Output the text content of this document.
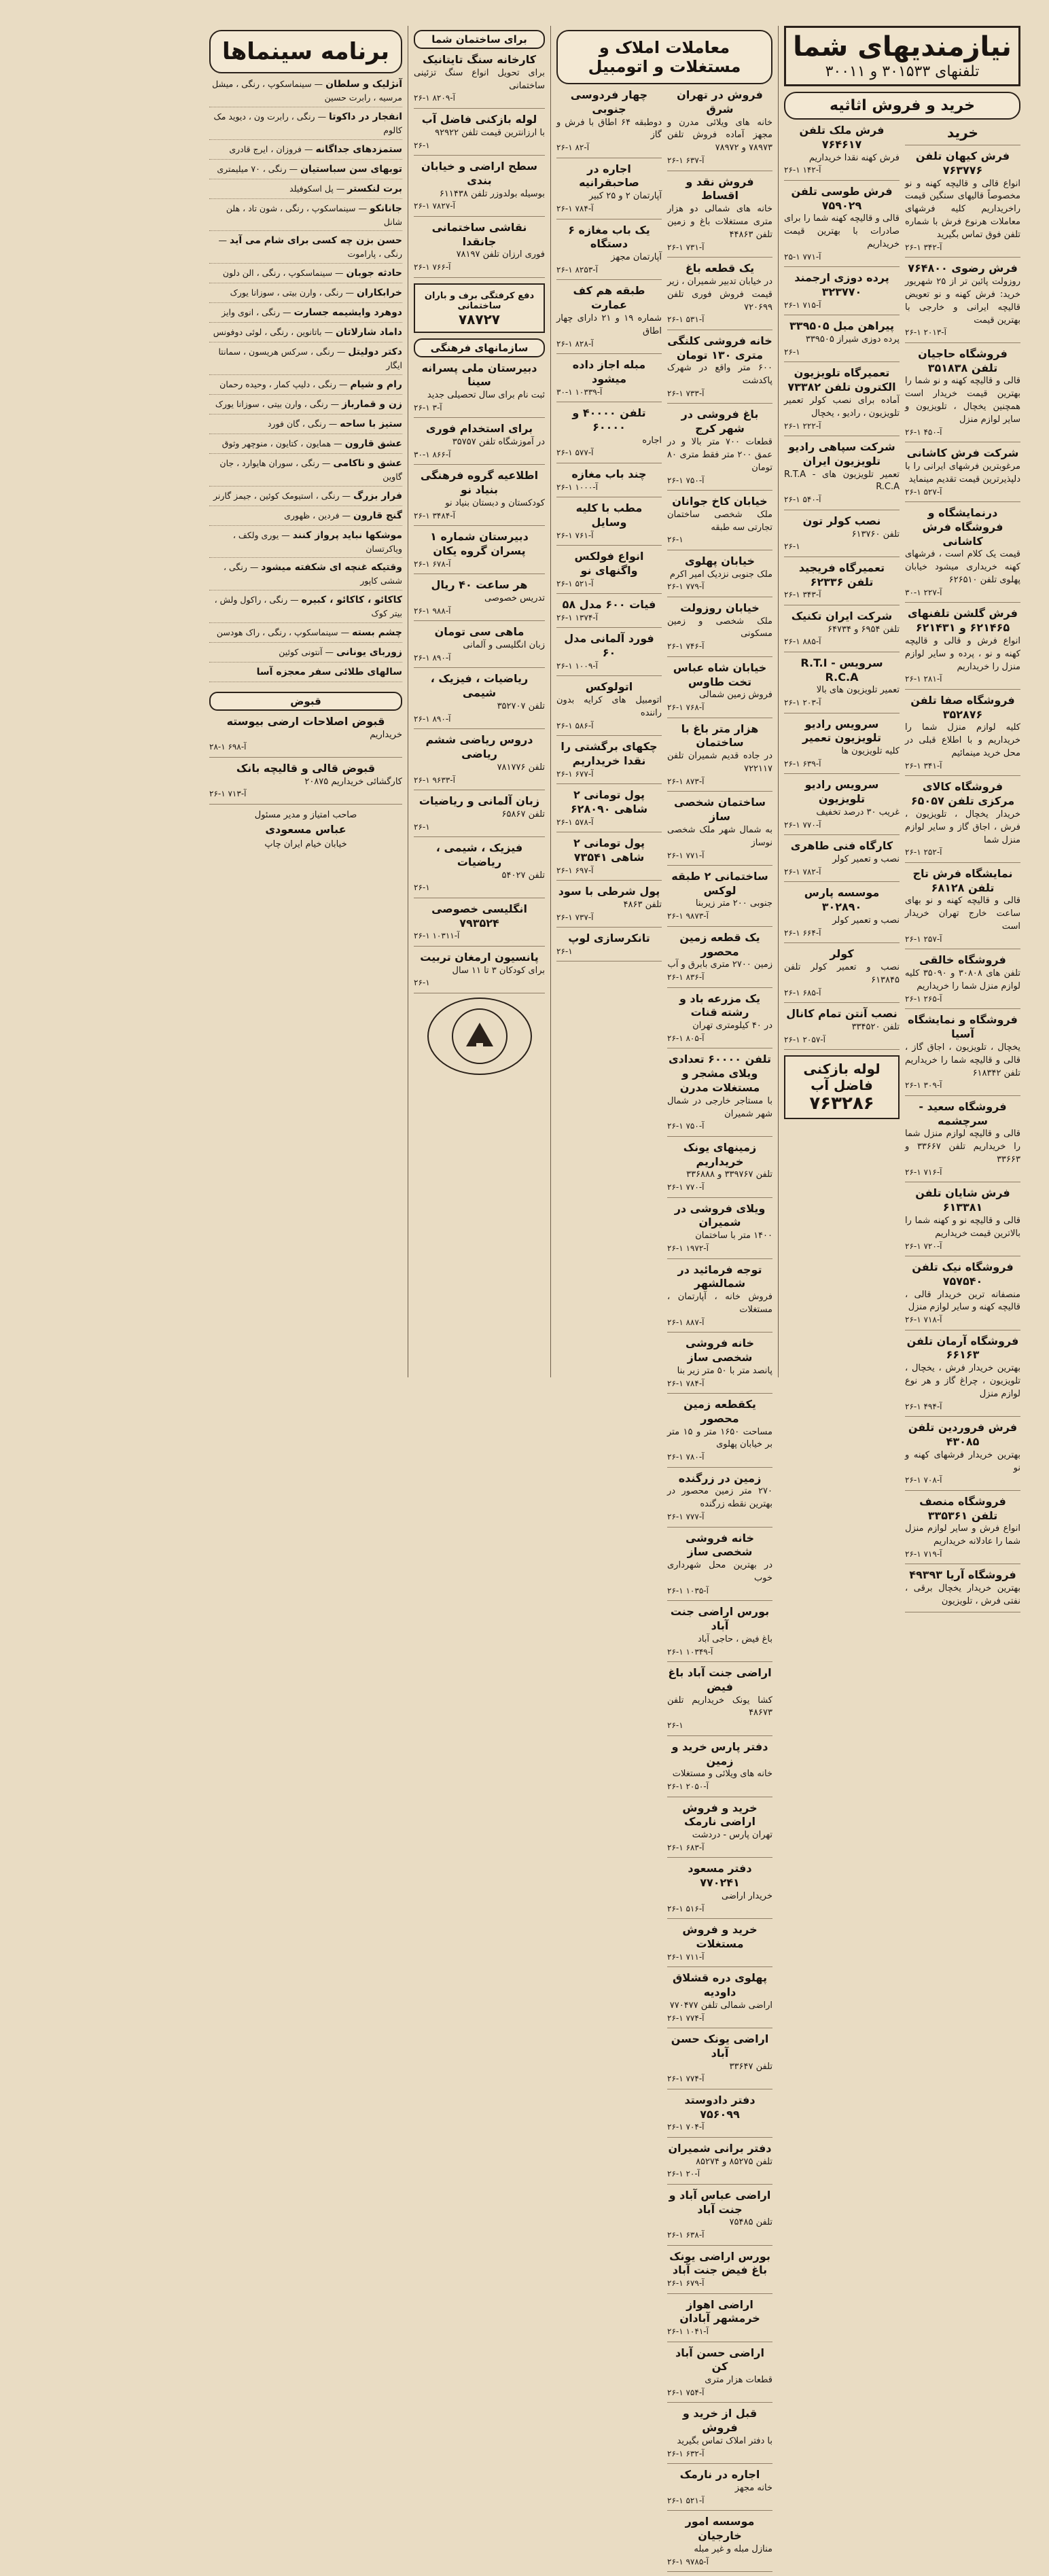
نیازمندیهای شما
تلفنهای ۳۰۱۵۳۳ و ۳۰۰۱۱
خرید و فروش اثاثیه
خرید
فرش کیهان تلفن ۷۶۳۷۷۶
انواع قالی و قالیچه کهنه و نو مخصوصاً قالیهای سنگین قیمت راخریداریم کلیه فرشهای معاملات هرنوع فرش با شماره تلفن فوق تماس بگیرید
۲۶-۱ آ-۳۴۲
فرش رضوی ۷۶۴۸۰۰
روزولت پائین تر از ۲۵ شهریور خرید: فرش کهنه و نو تعویض قالیچه ایرانی و خارجی با بهترین قیمت
۲۶-۱ آ-۲۰۱۳
فروشگاه حاجیان تلفن ۳۵۱۸۳۸
قالی و قالیچه کهنه و نو شما را بهترین قیمت خریدار است همچنین یخچال ، تلویزیون و سایر لوازم منزل
۲۶-۱ آ-۴۵۰
شرکت فرش کاشانی
مرغوبترین فرشهای ایرانی را با دلپذیرترین قیمت تقدیم مینماید
۲۶-۱ آ-۵۲۷
درنمایشگاه و فروشگاه فرش کاشانی
قیمت یک کلام است ، فرشهای کهنه خریداری میشود خیابان پهلوی تلفن ۶۲۶۵۱۰
۳۰-۱ آ-۲۲۷
فرش گلشن تلفنهای ۶۲۱۴۶۵ و ۶۲۱۴۳۱
انواع فرش و قالی و قالیچه کهنه و نو ، پرده و سایر لوازم منزل را خریداریم
۲۶-۱ آ-۲۸۱
فروشگاه صفا تلفن ۳۵۲۸۷۶
کلیه لوازم منزل شما را خریداریم و با اطلاع قبلی در محل خرید مینمائیم
۲۶-۱ آ-۳۴۱
فروشگاه کالای مرکزی تلفن ۶۵۰۵۷
خریدار یخچال ، تلویزیون ، فرش ، اجاق گاز و سایر لوازم منزل شما
۲۶-۱ آ-۲۵۲
نمایشگاه فرش تاج تلفن ۶۸۱۲۸
قالی و قالیچه کهنه و نو بهای ساعت خارج تهران خریدار است
۲۶-۱ آ-۲۵۷
فروشگاه خالقی
تلفن های ۳۰۸۰۸ و ۳۵۰۹۰ کلیه لوازم منزل شما را خریداریم
۲۶-۱ آ-۲۶۵
فروشگاه و نمایشگاه آسیا
یخچال ، تلویزیون ، اجاق گاز ، قالی و قالیچه شما را خریداریم تلفن ۶۱۸۳۴۲
۲۶-۱ آ-۳۰۹
فروشگاه سعید - سرچشمه
قالی و قالیچه لوازم منزل شما را خریداریم تلفن ۳۳۶۶۷ و ۳۳۶۶۳
۲۶-۱ آ-۷۱۶
فرش شایان تلفن ۶۱۳۳۸۱
قالی و قالیچه نو و کهنه شما را بالاترین قیمت خریداریم
۲۶-۱ آ-۷۲۰
فروشگاه نیک تلفن ۷۵۷۵۴۰
منصفانه ترین خریدار قالی ، قالیچه کهنه و سایر لوازم منزل
۲۶-۱ آ-۷۱۸
فروشگاه آرمان تلفن ۶۶۱۶۳
بهترین خریدار فرش ، یخچال ، تلویزیون ، چراغ گاز و هر نوع لوازم منزل
۲۶-۱ آ-۴۹۴
فرش فروردین تلفن ۴۳۰۸۵
بهترین خریدار فرشهای کهنه و نو
۲۶-۱ آ-۷۰۸
فروشگاه منصف تلفن ۳۳۵۳۶۱
انواع فرش و سایر لوازم منزل شما را عادلانه خریداریم
۲۶-۱ آ-۷۱۹
فروشگاه آریا ۴۹۳۹۳
بهترین خریدار یخچال برقی ، نفتی فرش ، تلویزیون
فرش ملک تلفن ۷۶۴۶۱۷
فرش کهنه نقدا خریداریم
۲۶-۱ آ-۱۴۲
فرش طوسی تلفن ۷۵۹۰۲۹
قالی و قالیچه کهنه شما را برای صادرات با بهترین قیمت خریداریم
۲۵-۱ آ-۷۷۱
پرده دوزی ارجمند ۳۲۳۷۷۰
۲۶-۱ آ-۷۱۵
پیراهن مبل ۳۳۹۵۰۵
پرده دوزی شیراز ۳۳۹۵۰۵
۲۶-۱
تعمیرگاه تلویزیون الکترون تلفن ۷۳۳۸۲
آماده برای نصب کولر تعمیر تلویزیون ، رادیو ، یخچال
۲۶-۱ آ-۲۲۲
شرکت سپاهی رادیو تلویزیون ایران
تعمیر تلویزیون های R.T.A - R.C.A
۲۶-۱ آ-۵۴۰
نصب کولر تون
تلفن ۶۱۳۷۶۰
۲۶-۱
تعمیرگاه فریجید تلفن ۶۲۳۳۶
۲۶-۱ آ-۳۴۳
شرکت ایران تکنیک
تلفن ۶۹۵۴ و ۶۴۷۳۴
۲۶-۱ آ-۸۸۵
سرویس R.T.I - R.C.A
تعمیر تلویزیون های بالا
۲۶-۱ آ-۲۰۳
سرویس رادیو تلویزیون تعمیر
کلیه تلویزیون ها
۲۶-۱ آ-۶۳۹
سرویس رادیو تلویزیون
غریب ۳۰ درصد تخفیف
۲۶-۱ آ-۷۷۰
کارگاه فنی طاهری
نصب و تعمیر کولر
۲۶-۱ آ-۷۸۲
موسسه پارس ۳۰۲۸۹۰
نصب و تعمیر کولر
۲۶-۱ آ-۶۶۴
کولر
نصب و تعمیر کولر تلفن ۶۱۳۸۴۵
۲۶-۱ آ-۶۸۵
نصب آنتن تمام کانال
تلفن ۳۳۴۵۲۰
۲۶-۱ آ-۲۰۵۷
لوله بازکنی فاضل آب
۷۶۳۲۸۶
معاملات املاک و مستغلات و اتومبیل
فروش در تهران شرق
خانه های ویلائی مدرن و مجهز آماده فروش تلفن ۷۸۹۷۳ و ۷۸۹۷۲
۲۶-۱ آ-۶۳۷
فروش نقد و اقساط
خانه های شمالی دو هزار متری مستغلات باغ و زمین تلفن ۴۴۸۶۳
۲۶-۱ آ-۷۳۱
یک قطعه باغ
در خیابان تدبیر شمیران ، زیر قیمت فروش فوری تلفن ۷۲۰۶۹۹
۲۶-۱ آ-۵۳۱
خانه فروشی کلنگی متری ۱۳۰ تومان
۶۰۰ متر واقع در شهرک پاکدشت
۲۶-۱ آ-۷۳۳
باغ فروشی در شهر کرج
قطعات ۷۰۰ متر بالا و در عمق ۲۰۰ متر فقط متری ۸۰ تومان
۲۶-۱ آ-۷۵۰
خیابان کاخ جوانان
ملک شخصی ساختمان تجارتی سه طبقه
۲۶-۱
خیابان پهلوی
ملک جنوبی نزدیک امیر اکرم
۲۶-۱ آ-۷۷۹
خیابان روزولت
ملک شخصی و زمین مسکونی
۲۶-۱ آ-۷۴۶
خیابان شاه عباس تخت طاوس
فروش زمین شمالی
۲۶-۱ آ-۷۶۸
هزار متر باغ با ساختمان
در جاده قدیم شمیران تلفن ۷۲۲۱۱۷
۲۶-۱ آ-۸۷۳
ساختمان شخصی ساز
به شمال شهر ملک شخصی نوساز
۲۶-۱ آ-۷۷۱
ساختمانی ۲ طبقه لوکس
جنوبی ۲۰۰ متر زیربنا
۲۶-۱ آ-۹۸۷۳
یک قطعه زمین محصور
زمین ۲۷۰۰ متری بابرق و آب
۲۶-۱ آ-۸۳۶
یک مزرعه باد و رشته قنات
در ۴۰ کیلومتری تهران
۲۶-۱ آ-۸۰۵
تلفن ۶۰۰۰۰ تعدادی ویلای مشجر و مستغلات مدرن
با مستاجر خارجی در شمال شهر شمیران
۲۶-۱ آ-۷۵۰
زمینهای یونک خریداریم
تلفن ۳۳۹۷۶۷ و ۳۳۶۸۸۸
۲۶-۱ آ-۷۷۰
ویلای فروشی در شمیران
۱۴۰۰ متر با ساختمان
۲۶-۱ آ-۱۹۷۲
توجه فرمائید در شمالشهر
فروش خانه ، آپارتمان ، مستغلات
۲۶-۱ آ-۸۸۷
خانه فروشی شخصی ساز
پانصد متر با ۵۰ متر زیر بنا
۲۶-۱ آ-۷۸۴
یکقطعه زمین محصور
مساحت ۱۶۵۰ متر و ۱۵ متر بر خیابان پهلوی
۲۶-۱ آ-۷۸۰
زمین در زرگنده
۲۷۰ متر زمین محصور در بهترین نقطه زرگنده
۲۶-۱ آ-۷۷۷
خانه فروشی شخصی ساز
در بهترین محل شهرداری خوب
۲۶-۱ آ-۱۰۳۵
بورس اراضی جنت آباد
باغ فیض ، حاجی آباد
۲۶-۱ آ-۱۰۳۴۹
اراضی جنت آباد باغ فیض
کشا یونک خریداریم تلفن ۴۸۶۷۳
۲۶-۱
دفتر پارس خرید و زمین
خانه های ویلائی و مستغلات
۲۶-۱ آ-۲۰۵۰
خرید و فروش اراضی نارمک
تهران پارس - دردشت
۲۶-۱ آ-۶۸۳
دفتر مسعود ۷۷۰۲۴۱
خریدار اراضی
۲۶-۱ آ-۵۱۶
خرید و فروش مستغلات
۲۶-۱ آ-۷۱۱
پهلوی دره قشلاق داودیه
اراضی شمالی تلفن ۷۷۰۴۷۷
۲۶-۱ آ-۷۷۴
اراضی یونک حسن آباد
تلفن ۳۳۶۴۷
۲۶-۱ آ-۷۷۴
دفتر دادوستد ۷۵۶۰۹۹
۲۶-۱ آ-۷۰۴
دفتر برانی شمیران
تلفن ۸۵۲۷۵ و ۸۵۲۷۴
۲۶-۱ آ-۲۰
اراضی عباس آباد و جنت آباد
تلفن ۷۵۴۸۵
۲۶-۱ آ-۶۳۸
بورس اراضی یونک باغ فیض جنت آباد
۲۶-۱ آ-۶۷۹
اراضی اهواز خرمشهر آبادان
۲۶-۱ آ-۱۰۴۱
اراضی حسن آباد کن
قطعات هزار متری
۲۶-۱ آ-۷۵۴
قبل از خرید و فروش
با دفتر املاک تماس بگیرید
۲۶-۱ آ-۶۳۲
اجاره در نارمک
خانه مجهز
۲۶-۱ آ-۵۲۱
موسسه امور خارجیان
منازل مبله و غیر مبله
۲۶-۱ آ-۹۷۸۵
چهار فردوسی جنوبی
دوطبقه ۶۴ اطاق با فرش و گاز
۲۶-۱ آ-۸۲
اجاره در صاحبقرانیه
آپارتمان ۲ و ۲۵ کبیر
۲۶-۱ آ-۷۸۴
یک باب مغازه ۶ دستگاه
آپارتمان مجهز
۲۶-۱ آ-۸۲۵۳
طبقه هم کف عمارت
شماره ۱۹ و ۲۱ دارای چهار اطاق
۲۶-۱ آ-۸۲۸
مبله اجاز داده میشود
۳۰-۱ آ-۱۰۳۳۹
تلفن ۴۰۰۰۰ و ۶۰۰۰۰
اجاره
۲۶-۱ آ-۵۷۷
چند باب مغازه
۲۶-۱ آ-۱۰۰۰
مطب با کلیه وسایل
۲۶-۱ آ-۷۶۱
انواع فولکس واگنهای نو
۲۶-۱ آ-۵۲۱
فیات ۶۰۰ مدل ۵۸
۲۶-۱ آ-۱۳۷۴
فورد آلمانی مدل ۶۰
۲۶-۱ آ-۱۰۰۹
اتولوکس
اتومبیل های کرایه بدون راننده
۲۶-۱ آ-۵۸۶
چکهای برگشتی را نقدا خریداریم
۲۶-۱ آ-۶۷۷
پول تومانی ۲ شاهی ۶۲۸۰۹۰
۲۶-۱ آ-۵۷۸
پول تومانی ۲ شاهی ۷۳۵۴۱
۲۶-۱ آ-۶۹۷
پول شرطی با سود
تلفن ۴۸۶۳
۲۶-۱ آ-۷۳۷
تانکرسازی لوپ
۲۶-۱
برای ساختمان شما
کارخانه سنگ تایتانیک
برای تحویل انواع سنگ تزئینی ساختمانی
۲۶-۱ آ-۸۲۰۹
لوله بازکنی فاضل آب
با ارزانترین قیمت تلفن ۹۲۹۲۲
۲۶-۱
سطح اراضی و خیابان بندی
بوسیله بولدوزر تلفن ۶۱۱۴۳۸
۲۶-۱ آ-۷۸۲۷
نقاشی ساختمانی جانقدا
فوری ارزان تلفن ۷۸۱۹۷
۲۶-۱ آ-۷۶۶
دفع کرفتگی برف و باران ساختمانی
۷۸۷۲۷
سازمانهای فرهنگی
دبیرستان ملی پسرانه سینا
ثبت نام برای سال تحصیلی جدید
۲۶-۱ آ-۳
برای استخدام فوری
در آموزشگاه تلفن ۳۵۷۵۷
۳۰-۱ آ-۸۶۶
اطلاعیه گروه فرهنگی بنیاد نو
کودکستان و دبستان بنیاد نو
۲۶-۱ آ-۳۴۸۴
دبیرستان شماره ۱ پسران گروه یکان
۲۶-۱ آ-۶۷۸
هر ساعت ۴۰ ریال
تدریس خصوصی
۲۶-۱ آ-۹۸۸
ماهی سی تومان
زبان انگلیسی و آلمانی
۲۶-۱ آ-۸۹۰
ریاضیات ، فیزیک ، شیمی
تلفن ۳۵۲۷۰۷
۲۶-۱ آ-۸۹۰
دروس ریاضی ششم ریاضی
تلفن ۷۸۱۷۷۶
۲۶-۱ آ-۹۶۳۳
زبان آلمانی و ریاضیات
تلفن ۶۵۸۶۷
۲۶-۱
فیزیک ، شیمی ، ریاضیات
تلفن ۵۴۰۲۷
۲۶-۱
انگلیسی خصوصی ۷۹۳۵۲۴
۲۶-۱ آ-۱۰۳۱۱
پانسیون ارمغان تربیت
برای کودکان ۳ تا ۱۱ سال
۲۶-۱
برنامه سینماها
آنژلیک و سلطان — سینماسکوپ ، رنگی ، میشل مرسیه ، رابرت حسین
انفجار در داکوتا — رنگی ، رابرت ون ، دیوید مک کالوم
ستمزدهای جداگانه — فروزان ، ایرج قادری
توبهای سن سباستیان — رنگی ، ۷۰ میلیمتری
برت لنکستر — پل اسکوفیلد
جانانکو — سینماسکوپ ، رنگی ، شون تاد ، هلن شانل
حسن بزن چه کسی برای شام می آید — رنگی ، پاراموت
حادثه جوبان — سینماسکوپ ، رنگی ، الن دلون
خرابکاران — رنگی ، وارن بیتی ، سوزانا یورک
دوهرد وایشیمه جسارت — رنگی ، انوی وایز
داماد شارلاتان — باتانوین ، رنگی ، لوئی دوفونس
دکتر دولیتل — رنگی ، سرکس هریسون ، سمانتا ایگار
رام و شیام — رنگی ، دلیپ کمار ، وحیده رحمان
زن و قمارباز — رنگی ، وارن بیتی ، سوزانا یورک
ستیز با ساحه — رنگی ، گان فورد
عشق قارون — همایون ، کتایون ، منوچهر وثوق
عشق و ناکامی — رنگی ، سوران هایوارد ، جان گاوین
فرار بزرگ — رنگی ، استیومک کوئین ، جیمز گارنر
گنج قارون — فردین ، ظهوری
موشکها نباید پرواز کنند — یوری ولکف ، ویاکرتسان
وقتیکه غنچه ای شکفته میشود — رنگی ، ششی کاپور
کاکائو ، کاکائو ، کبیره — رنگی ، راکول ولش ، بیتر کوک
چشم بسته — سینماسکوپ ، رنگی ، راک هودسن
زوربای یونانی — آنتونی کوئین
سالهای طلائی سفر معجزه آسا
قبوض
قبوض اصلاحات ارضی بیوسته
خریداریم
۲۸-۱ آ-۶۹۸
قبوض قالی و قالیچه بانک
کارگشائی خریداریم ۲۰۸۷۵
۲۶-۱ آ-۷۱۳
صاحب امتیاز و مدیر مسئول
عباس مسعودی
خیابان خیام ایران چاپ
